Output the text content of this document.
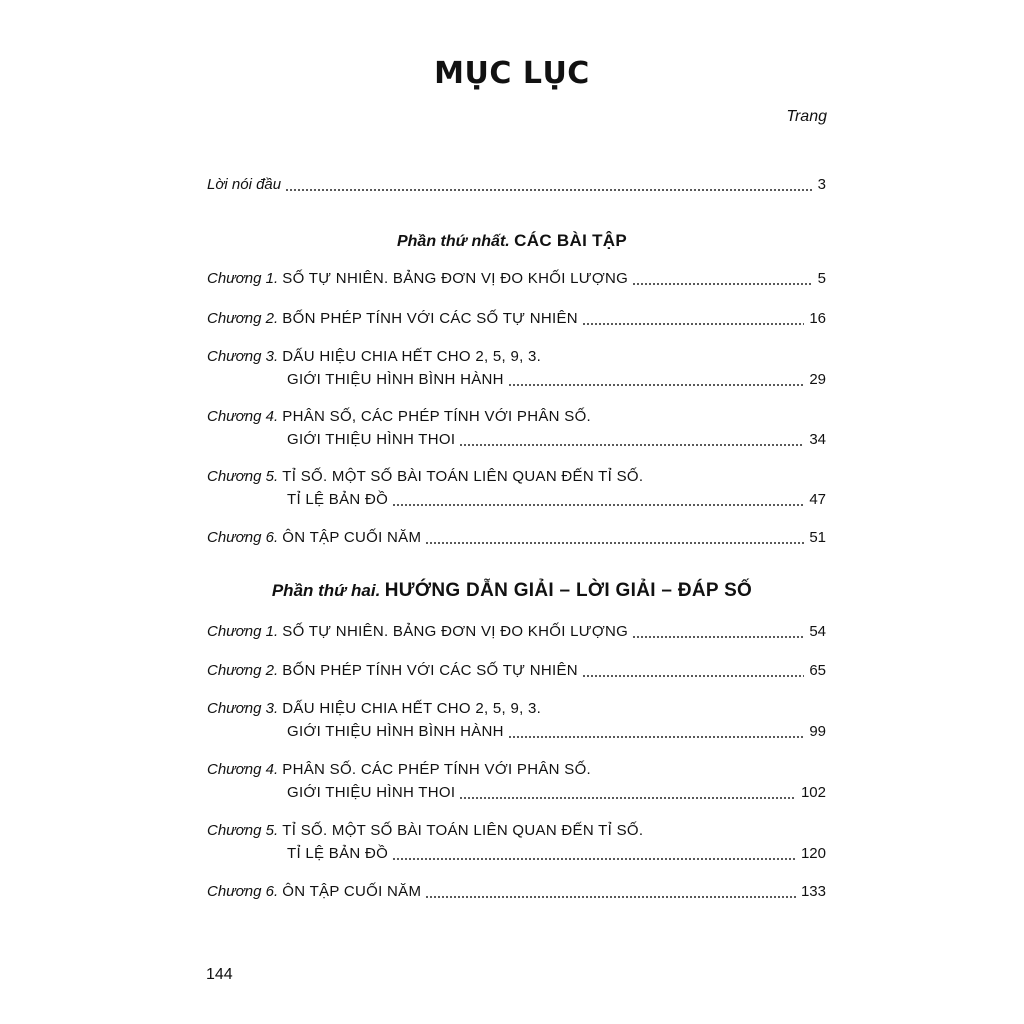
MỤC LỤC
Trang
Lời nói đầu	3
Phần thứ nhất. CÁC BÀI TẬP
Chương 1.
SỐ TỰ NHIÊN. BẢNG ĐƠN VỊ ĐO KHỐI LƯỢNG	5
Chương 2.
BỐN PHÉP TÍNH VỚI CÁC SỐ TỰ NHIÊN	16
Chương 3.
DẤU HIỆU CHIA HẾT CHO 2, 5, 9, 3.
GIỚI THIỆU HÌNH BÌNH HÀNH	29
Chương 4.
PHÂN SỐ, CÁC PHÉP TÍNH VỚI PHÂN SỐ.
GIỚI THIỆU HÌNH THOI	34
Chương 5.
TỈ SỐ. MỘT SỐ BÀI TOÁN LIÊN QUAN ĐẾN TỈ SỐ.
TỈ LỆ BẢN ĐỒ	47
Chương 6.
ÔN TẬP CUỐI NĂM	51
Phần thứ hai. HƯỚNG DẪN GIẢI – LỜI GIẢI – ĐÁP SỐ
Chương 1.
SỐ TỰ NHIÊN. BẢNG ĐƠN VỊ ĐO KHỐI LƯỢNG	54
Chương 2.
BỐN PHÉP TÍNH VỚI CÁC SỐ TỰ NHIÊN	65
Chương 3.
DẤU HIỆU CHIA HẾT CHO 2, 5, 9, 3.
GIỚI THIỆU HÌNH BÌNH HÀNH	99
Chương 4.
PHÂN SỐ. CÁC PHÉP TÍNH VỚI PHÂN SỐ.
GIỚI THIỆU HÌNH THOI	102
Chương 5.
TỈ SỐ. MỘT SỐ BÀI TOÁN LIÊN QUAN ĐẾN TỈ SỐ.
TỈ LỆ BẢN ĐỒ	120
Chương 6.
ÔN TẬP CUỐI NĂM	133
144
